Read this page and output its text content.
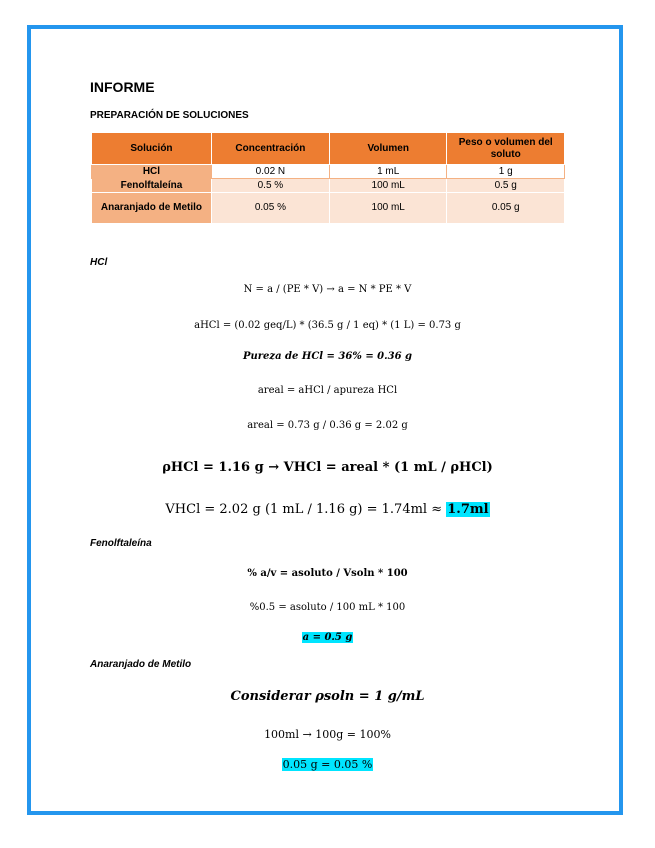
INFORME
PREPARACIÓN DE SOLUCIONES
Solución	Concentración	Volumen	Peso o volumen del soluto
HCl	0.02 N	1 mL	1 g
Fenolftaleína	0.5 %	100 mL	0.5 g
Anaranjado de Metilo	0.05 %	100 mL	0.05 g
HCl
N = a / (PE * V) → a = N * PE * V
aHCl = (0.02 geq/L) * (36.5 g / 1 eq) * (1 L) = 0.73 g
Pureza de HCl = 36% = 0.36 g
areal = aHCl / apureza HCl
areal = 0.73 g / 0.36 g = 2.02 g
ρHCl = 1.16 g → VHCl = areal * (1 mL / ρHCl)
VHCl = 2.02 g (1 mL / 1.16 g) = 1.74ml ≈ 1.7ml
Fenolftaleína
% a/v = asoluto / Vsoln * 100
%0.5 = asoluto / 100 mL * 100
a = 0.5 g
Anaranjado de Metilo
Considerar ρsoln = 1 g/mL
100ml → 100g = 100%
0.05 g = 0.05 %
